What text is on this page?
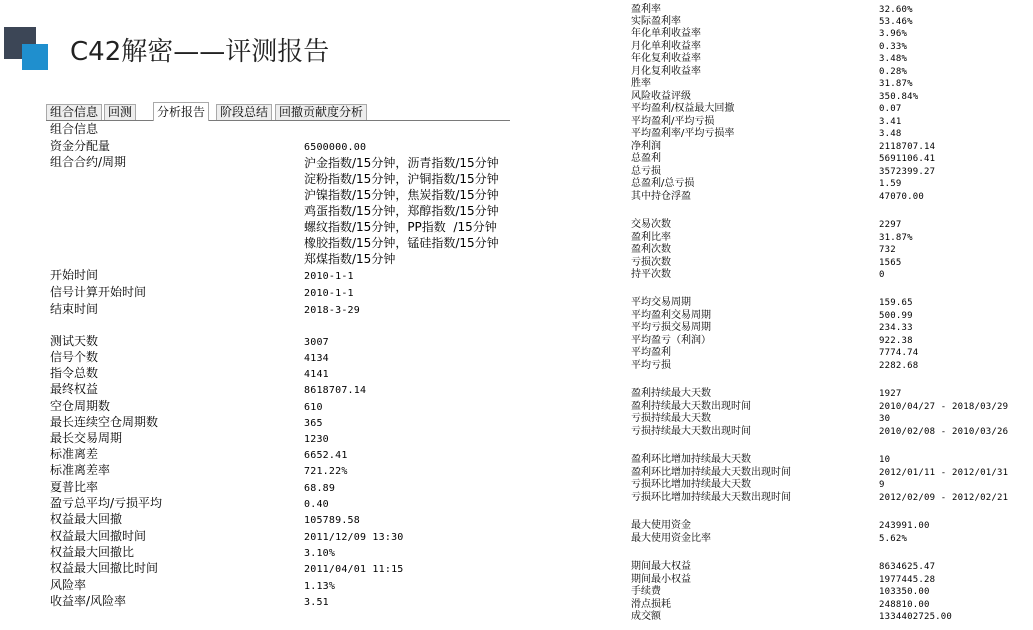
C42解密——评测报告
组合信息 回测	分析报告	阶段总结 回撤贡献度分析
组合信息
资金分配量	6500000.00
组合合约/周期	沪金指数/15分钟，沥青指数/15分钟
淀粉指数/15分钟，沪铜指数/15分钟
沪镍指数/15分钟，焦炭指数/15分钟
鸡蛋指数/15分钟，郑醇指数/15分钟
螺纹指数/15分钟，PP指数  /15分钟
橡胶指数/15分钟，锰硅指数/15分钟
郑煤指数/15分钟
开始时间	2010-1-1
信号计算开始时间	2010-1-1
结束时间	2018-3-29
测试天数	3007
信号个数	4134
指令总数	4141
最终权益	8618707.14
空仓周期数	610
最长连续空仓周期数	365
最长交易周期	1230
标准离差	6652.41
标准离差率	721.22%
夏普比率	68.89
盈亏总平均/亏损平均	0.40
权益最大回撤	105789.58
权益最大回撤时间	2011/12/09 13:30
权益最大回撤比	3.10%
权益最大回撤比时间	2011/04/01 11:15
风险率	1.13%
收益率/风险率	3.51
盈利率	32.60%
实际盈利率	53.46%
年化单利收益率	3.96%
月化单利收益率	0.33%
年化复利收益率	3.48%
月化复利收益率	0.28%
胜率	31.87%
风险收益评级	350.84%
平均盈利/权益最大回撤	0.07
平均盈利/平均亏损	3.41
平均盈利率/平均亏损率	3.48
净利润	2118707.14
总盈利	5691106.41
总亏损	3572399.27
总盈利/总亏损	1.59
其中持仓浮盈	47070.00
交易次数	2297
盈利比率	31.87%
盈利次数	732
亏损次数	1565
持平次数	0
平均交易周期	159.65
平均盈利交易周期	500.99
平均亏损交易周期	234.33
平均盈亏（利润）	922.38
平均盈利	7774.74
平均亏损	2282.68
盈利持续最大天数	1927
盈利持续最大天数出现时间	2010/04/27 - 2018/03/29
亏损持续最大天数	30
亏损持续最大天数出现时间	2010/02/08 - 2010/03/26
盈利环比增加持续最大天数	10
盈利环比增加持续最大天数出现时间	2012/01/11 - 2012/01/31
亏损环比增加持续最大天数	9
亏损环比增加持续最大天数出现时间	2012/02/09 - 2012/02/21
最大使用资金	243991.00
最大使用资金比率	5.62%
期间最大权益	8634625.47
期间最小权益	1977445.28
手续费	103350.00
滑点损耗	248810.00
成交额	1334402725.00
